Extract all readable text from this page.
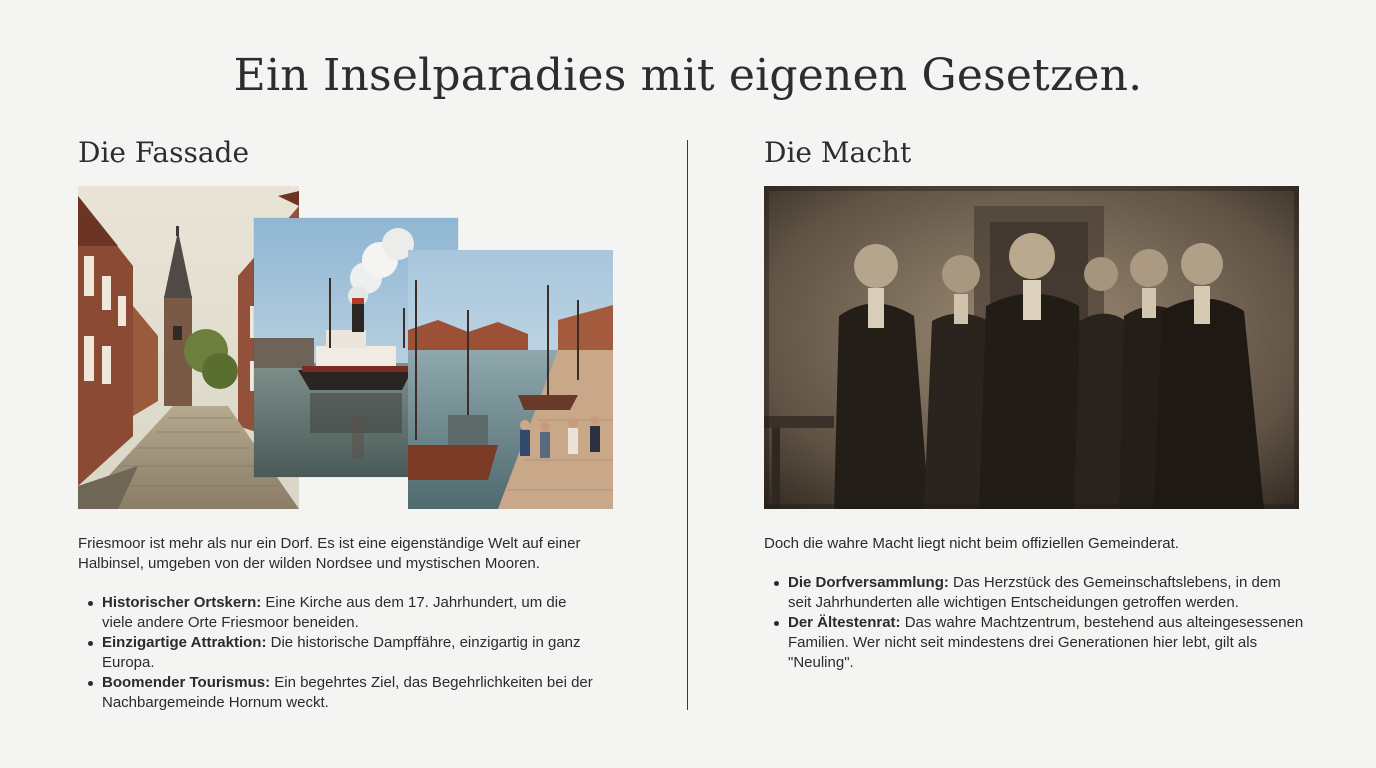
Ein Inselparadies mit eigenen Gesetzen.
Die Fassade	Die Macht
Friesmoor ist mehr als nur ein Dorf. Es ist eine eigenständige Welt auf einer Halbinsel, umgeben von der wilden Nordsee und mystischen Mooren.
Historischer Ortskern: Eine Kirche aus dem 17. Jahrhundert, um die viele andere Orte Friesmoor beneiden.
Einzigartige Attraktion: Die historische Dampffähre, einzigartig in ganz Europa.
Boomender Tourismus: Ein begehrtes Ziel, das Begehrlichkeiten bei der Nachbargemeinde Hornum weckt.
Doch die wahre Macht liegt nicht beim offiziellen Gemeinderat.
Die Dorfversammlung: Das Herzstück des Gemeinschaftslebens, in dem seit Jahrhunderten alle wichtigen Entscheidungen getroffen werden.
Der Ältestenrat: Das wahre Machtzentrum, bestehend aus alteingesessenen Familien. Wer nicht seit mindestens drei Generationen hier lebt, gilt als "Neuling".
